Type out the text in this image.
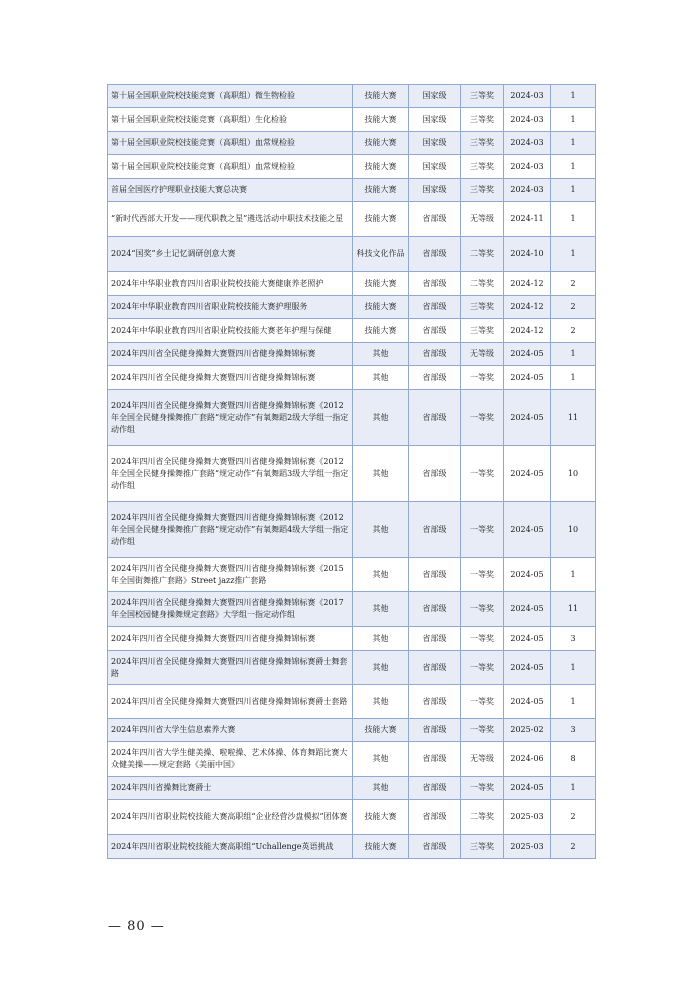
第十届全国职业院校技能竞赛（高职组）微生物检验	技能大赛	国家级	三等奖	2024-03	1
第十届全国职业院校技能竞赛（高职组）生化检验	技能大赛	国家级	三等奖	2024-03	1
第十届全国职业院校技能竞赛（高职组）血常规检验	技能大赛	国家级	三等奖	2024-03	1
第十届全国职业院校技能竞赛（高职组）血常规检验	技能大赛	国家级	三等奖	2024-03	1
首届全国医疗护理职业技能大赛总决赛	技能大赛	国家级	三等奖	2024-03	1
“新时代西部大开发——现代职教之星”遴选活动中职技术技能之星	技能大赛	省部级	无等级	2024-11	1
2024“国奖”乡土记忆调研创意大赛	科技文化作品	省部级	二等奖	2024-10	1
2024年中华职业教育四川省职业院校技能大赛健康养老照护	技能大赛	省部级	二等奖	2024-12	2
2024年中华职业教育四川省职业院校技能大赛护理服务	技能大赛	省部级	三等奖	2024-12	2
2024年中华职业教育四川省职业院校技能大赛老年护理与保健	技能大赛	省部级	三等奖	2024-12	2
2024年四川省全民健身操舞大赛暨四川省健身操舞锦标赛	其他	省部级	无等级	2024-05	1
2024年四川省全民健身操舞大赛暨四川省健身操舞锦标赛	其他	省部级	一等奖	2024-05	1
2024年四川省全民健身操舞大赛暨四川省健身操舞锦标赛《2012年全国全民健身操舞推广套路“规定动作”有氧舞蹈2级大学组一指定动作组	其他	省部级	一等奖	2024-05	11
2024年四川省全民健身操舞大赛暨四川省健身操舞锦标赛《2012年全国全民健身操舞推广套路“规定动作”有氧舞蹈3级大学组一指定动作组	其他	省部级	一等奖	2024-05	10
2024年四川省全民健身操舞大赛暨四川省健身操舞锦标赛《2012年全国全民健身操舞推广套路“规定动作”有氧舞蹈4级大学组一指定动作组	其他	省部级	一等奖	2024-05	10
2024年四川省全民健身操舞大赛暨四川省健身操舞锦标赛《2015年全国街舞推广套路》Street jazz推广套路	其他	省部级	一等奖	2024-05	1
2024年四川省全民健身操舞大赛暨四川省健身操舞锦标赛《2017年全国校园健身操舞规定套路》大学组一指定动作组	其他	省部级	一等奖	2024-05	11
2024年四川省全民健身操舞大赛暨四川省健身操舞锦标赛	其他	省部级	一等奖	2024-05	3
2024年四川省全民健身操舞大赛暨四川省健身操舞锦标赛爵士舞套路	其他	省部级	一等奖	2024-05	1
2024年四川省全民健身操舞大赛暨四川省健身操舞锦标赛爵士套路	其他	省部级	一等奖	2024-05	1
2024年四川省大学生信息素养大赛	技能大赛	省部级	一等奖	2025-02	3
2024年四川省大学生健美操、啦啦操、艺术体操、体育舞蹈比赛大众健美操——规定套路《美丽中国》	其他	省部级	无等级	2024-06	8
2024年四川省操舞比赛爵士	其他	省部级	一等奖	2024-05	1
2024年四川省职业院校技能大赛高职组“企业经营沙盘模拟”团体赛	技能大赛	省部级	二等奖	2025-03	2
2024年四川省职业院校技能大赛高职组“Uchallenge英语挑战	技能大赛	省部级	三等奖	2025-03	2
— 80 —
